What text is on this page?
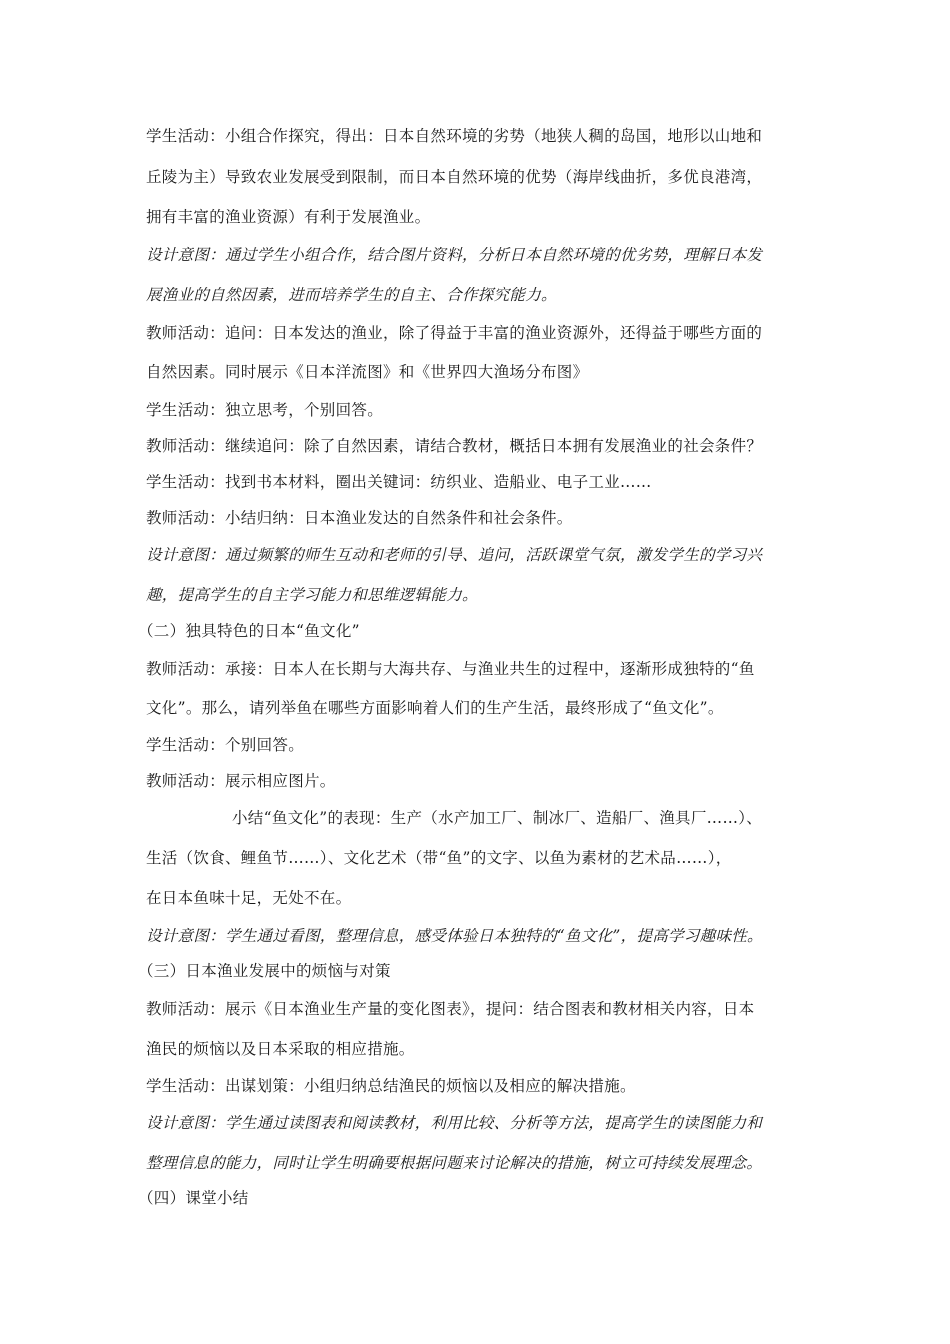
学生活动：小组合作探究，得出：日本自然环境的劣势（地狭人稠的岛国，地形以山地和
丘陵为主）导致农业发展受到限制，而日本自然环境的优势（海岸线曲折，多优良港湾，
拥有丰富的渔业资源）有利于发展渔业。
设计意图：通过学生小组合作，结合图片资料，分析日本自然环境的优劣势，理解日本发
展渔业的自然因素，进而培养学生的自主、合作探究能力。
教师活动：追问：日本发达的渔业，除了得益于丰富的渔业资源外，还得益于哪些方面的
自然因素。同时展示《日本洋流图》和《世界四大渔场分布图》
学生活动：独立思考，个别回答。
教师活动：继续追问：除了自然因素，请结合教材，概括日本拥有发展渔业的社会条件？
学生活动：找到书本材料，圈出关键词：纺织业、造船业、电子工业……
教师活动：小结归纳：日本渔业发达的自然条件和社会条件。
设计意图：通过频繁的师生互动和老师的引导、追问，活跃课堂气氛，激发学生的学习兴
趣，提高学生的自主学习能力和思维逻辑能力。
（二）独具特色的日本“鱼文化”
教师活动：承接：日本人在长期与大海共存、与渔业共生的过程中，逐渐形成独特的“鱼
文化”。那么，请列举鱼在哪些方面影响着人们的生产生活，最终形成了“鱼文化”。
学生活动：个别回答。
教师活动：展示相应图片。
小结“鱼文化”的表现：生产（水产加工厂、制冰厂、造船厂、渔具厂……）、
生活（饮食、鲤鱼节……）、文化艺术（带“鱼”的文字、以鱼为素材的艺术品……），
在日本鱼味十足，无处不在。
设计意图：学生通过看图，整理信息，感受体验日本独特的“鱼文化”，提高学习趣味性。
（三）日本渔业发展中的烦恼与对策
教师活动：展示《日本渔业生产量的变化图表》，提问：结合图表和教材相关内容，日本
渔民的烦恼以及日本采取的相应措施。
学生活动：出谋划策：小组归纳总结渔民的烦恼以及相应的解决措施。
设计意图：学生通过读图表和阅读教材，利用比较、分析等方法，提高学生的读图能力和
整理信息的能力，同时让学生明确要根据问题来讨论解决的措施，树立可持续发展理念。
（四）课堂小结
